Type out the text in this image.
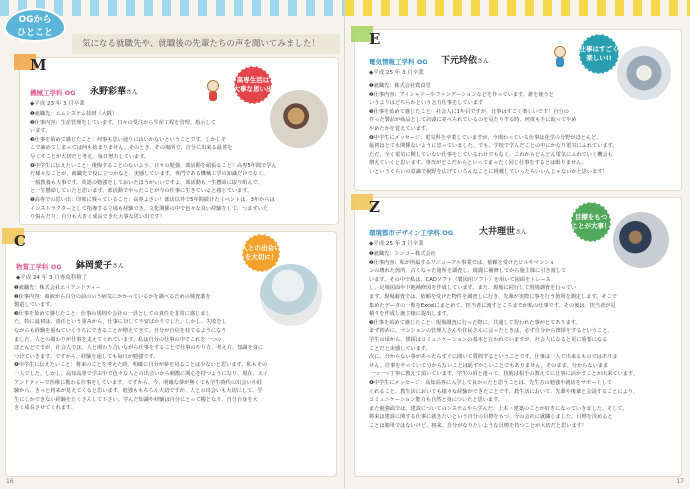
OGから
ひとこと
気になる就職先や、就職後の先輩たちの声を聞いてみました！
M
機械工学科 OG 永野彩華さん
◆平成 23 年 3 月卒業
高専生活は
大事な思い出

❶就職先：エムシステム技研（大阪）

❷仕事内容：生産管理をしています。日々の受注から生産工程を管理、指示して

います。

❸仕事を始めて感じたこと：何事も思い通りにはいかないということです。しかしそ

こで諦めてしまっては何も始まりません。そのとき、その場所で、自分に出来る最善を

尽くすことが大切だと考え、毎日努力しています。

❹中学生に伝えたいこと：後悔することのないよう、日々の勉強、部活動を頑張ること！高専5年間で学ん

だ様々なことが、就職先で役に立つかなと、実感しています。専門である機械工学の知識だけでなく、

一般教養も大事です。英語の勉強をしておいたほうがいいですよ。部活動も一生懸命に取り組んで、

と一生懸命していたと思います。部活動でやったことが今の仕事に生きていると感じています。

❺高専での思い出：印象に残っていること：高専よさい！部活以外で5年間続けたイベントは、3年からは

インストラクターとして指導する立場も経験でき、文化関係の中で色々な良い経験をして、つまずいた

り悩んだり、自分も大きく成長できた大事な思い出です！

C
物質工学科 OG 鉢岡愛子さん
◆平成 24 年 3 月専攻科修了
人との出会い
を大切に！

❶就職先：株式会社エイアンドティー

❷仕事内容：血液から白分の前のいう病気にかかっているかを調べるための検査薬を

製造しています。

❸仕事を始めて感じたこと：仕事の規則や会社の一員としての責任を非常に感じまし

た。特に最初は、責任という重みから、仕事に対して不安ばかりでした。しかし、失敗をし

ながらも経験を重ねていくうちにできることが増えてきて、自分が自信を持てるようになり

ました。人との関わりが仕事を支えてくれています。私は自分の仕事の中でこれを一つの

ほとんどですが、社会人では、人と関わり合いながら仕事をすることで仕事のやり方、考え方、知識を身に

つけていきます。ですから、経験を通しても毎日が勉強です。

❹中学生に伝えたいこと：将来のことを考えた時、明確に自分が夢を見ることは少ないと思います。私もその

一人でした。しかし、高知高専で学ぶ中で色々な人との出会いから刺激に関心を持つようになり、現在、エイ

アンドティーで医療に携わる仕事をしています。ですから、今、明確な夢が無くても学生時代の出会いや経

験から、きっと将来が見えてくると思います。勉強ももちろん大切ですが、人との出会いも大切にして、学

生にしかできない経験をたくさんして下さい。学んだ知識や経験は自分にとって糧となり、自分自身を大

きく成長させてくれます。

16
E
電気情報工学科 OG 下元玲依さん
◆平成 25 年 3 月卒業
仕事はすごく
楽しい!!

❶就職先：株式会社賞食堂

❷仕事内容：アイシャドーやファンデーションなどを作っています。誰を使うと

いうよりはどちらかというと力仕事をしています

❸仕事を始めて感じたこと：社会人に1年目ですが、仕事はすごく楽しいです！自分の

作った製品が商品として店頭に並べられているのを見たりする時、何度も手に取ってやめ

やめたかを覚えています。

❹中学生にメッセージ：電気科を卒業していますが、今関わっている仕事は化学の分野がほとんど。

最初はとても関係ないように思っていました。でも、学校で学んだことの中にかなり電気にふれています。

ただ、全く電気に関していない仕事をしているわけでもなく、これからどんどん電気にふれていく機会も

増えていくと思います。専攻がどこだからといってまったく同じ仕事をするとは限りません。

いというぐらいの意識で視野を広げていろんなことに挑戦していったらいいんじゃないかと思います！

Z
環境都市デザイン工学科 OG	大井理世さん
◆平成 25 年 3 月卒業
目標をもつ
ことが大事！

❶就職先：シンコー株式会社

❷仕事内容：私が所属するリニューアル事業では、依頼を受けたビルやマンショ

ンの壊れた箇所、古くなった箇所を調査し、綺麗に補修してから施主様に引き渡して

います。その中で私は、CADソフト（製図用ソフト）を用いて図面をトレース

し、足場図面や下地補修図を作成しています。また、現場に同行して現場調査を行ってい

ます。現場調査では、依頼を受けた物件を調査しに行き、先輩が実際に事を行う箇所を測定します。そこで

集めたデータの一覧をExcelにまとめて、担当者に渡すところまでが私の仕事です。その後は、担当者が見

積りを作成し施主様に提出します。

❸仕事を始めて感じたこと：現場調査に行った際に、共通して習われた事がとてあります。

まず初めに、マンションの管理人さんや住民さんに会ったときは、必ず自分から挨拶をするということ。

学生の頃から、挨拶はコミュニケーションの基本と言われていますが、社会人になると更に重要になる

ことだと実感しています。

次に、分からない事があったらすぐに聞いて質問するということです。仕事は一人で出来るものではありま

せん。任事をやっていて分からないことは恥ずかしいことでもありません。そのまま、分からないまま

一つ一つ丁寧に教えて頂いています。学生の頃と違って、技術は相手の教えてに仕事に活かすことが出来ています。

❹中学生にメッセージ：高知高専に入学して良かったと思うことは、先生方の勉強や就活をサポートして

くれること。教生活においても様々な経験ができたことです。教生活において、先輩や後輩と会話することにより、

コミュニケーション能力も自然と身についたと思います。

また勉強面では、建設についてのシステムやら学んだ、土木・建築のことが好きになっていきました。そして、

将来は建設に関する仕事に就きたいという自分の目標をもつ、今の会社に就職しました。目標を決めると

ことは簡単ではないけど、将来、自分がなりたいような目標を持つことが大切だと思います！

17
